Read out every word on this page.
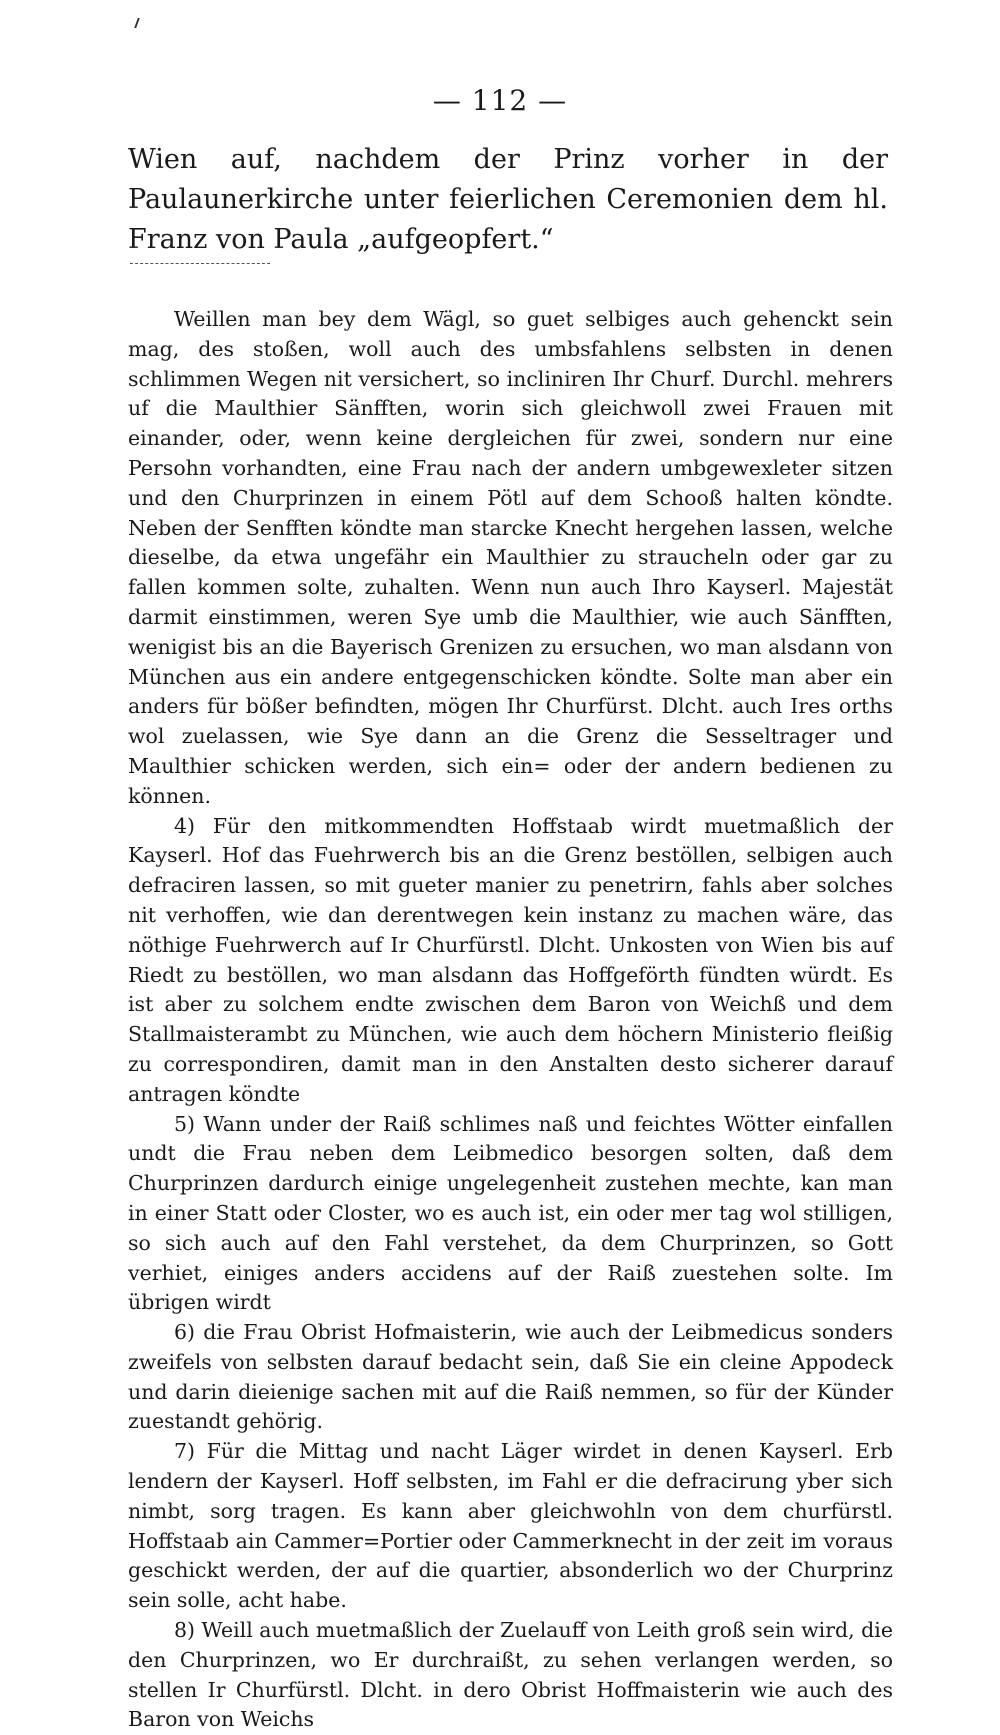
— 112 —

Wien auf, nachdem der Prinz vorher in der Paulaunerkirche unter feierlichen Ceremonien dem hl. Franz von Paula „aufgeopfert.“

Weillen man bey dem Wägl, so guet selbiges auch gehenckt sein mag, des stoßen, woll auch des umbsfahlens selbsten in denen schlimmen Wegen nit versichert, so incliniren Ihr Churf. Durchl. mehrers uf die Maulthier Sänfften, worin sich gleichwoll zwei Frauen mit einander, oder, wenn keine dergleichen für zwei, sondern nur eine Persohn vorhandten, eine Frau nach der andern umbgewexleter sitzen und den Churprinzen in einem Pötl auf dem Schooß halten köndte. Neben der Senfften köndte man starcke Knecht hergehen lassen, welche dieselbe, da etwa ungefähr ein Maulthier zu straucheln oder gar zu fallen kommen solte, zuhalten. Wenn nun auch Ihro Kayserl. Majestät darmit einstimmen, weren Sye umb die Maulthier, wie auch Sänfften, wenigist bis an die Bayerisch Grenizen zu ersuchen, wo man alsdann von München aus ein andere entgegenschicken köndte. Solte man aber ein anders für bößer befindten, mögen Ihr Churfürst. Dlcht. auch Ires orths wol zuelassen, wie Sye dann an die Grenz die Sesseltrager und Maulthier schicken werden, sich ein= oder der andern bedienen zu können.

4) Für den mitkommendten Hoffstaab wirdt muetmaßlich der Kayserl. Hof das Fuehrwerch bis an die Grenz bestöllen, selbigen auch defraciren lassen, so mit gueter manier zu penetrirn, fahls aber solches nit verhoffen, wie dan derentwegen kein instanz zu machen wäre, das nöthige Fuehrwerch auf Ir Churfürstl. Dlcht. Unkosten von Wien bis auf Riedt zu bestöllen, wo man alsdann das Hoffgeförth fündten würdt. Es ist aber zu solchem endte zwischen dem Baron von Weichß und dem Stallmaisterambt zu München, wie auch dem höchern Ministerio fleißig zu correspondiren, damit man in den Anstalten desto sicherer darauf antragen köndte

5) Wann under der Raiß schlimes naß und feichtes Wötter einfallen undt die Frau neben dem Leibmedico besorgen solten, daß dem Churprinzen dardurch einige ungelegenheit zustehen mechte, kan man in einer Statt oder Closter, wo es auch ist, ein oder mer tag wol stilligen, so sich auch auf den Fahl verstehet, da dem Churprinzen, so Gott verhiet, einiges anders accidens auf der Raiß zuestehen solte. Im übrigen wirdt

6) die Frau Obrist Hofmaisterin, wie auch der Leibmedicus sonders zweifels von selbsten darauf bedacht sein, daß Sie ein cleine Appodeck und darin dieienige sachen mit auf die Raiß nemmen, so für der Künder zuestandt gehörig.

7) Für die Mittag und nacht Läger wirdet in denen Kayserl. Erb lendern der Kayserl. Hoff selbsten, im Fahl er die defracirung yber sich nimbt, sorg tragen. Es kann aber gleichwohln von dem churfürstl. Hoffstaab ain Cammer=Portier oder Cammerknecht in der zeit im voraus geschickt werden, der auf die quartier, absonderlich wo der Churprinz sein solle, acht habe.

8) Weill auch muetmaßlich der Zuelauff von Leith groß sein wird, die den Churprinzen, wo Er durchraißt, zu sehen verlangen werden, so stellen Ir Churfürstl. Dlcht. in dero Obrist Hoffmaisterin wie auch des Baron von Weichs
